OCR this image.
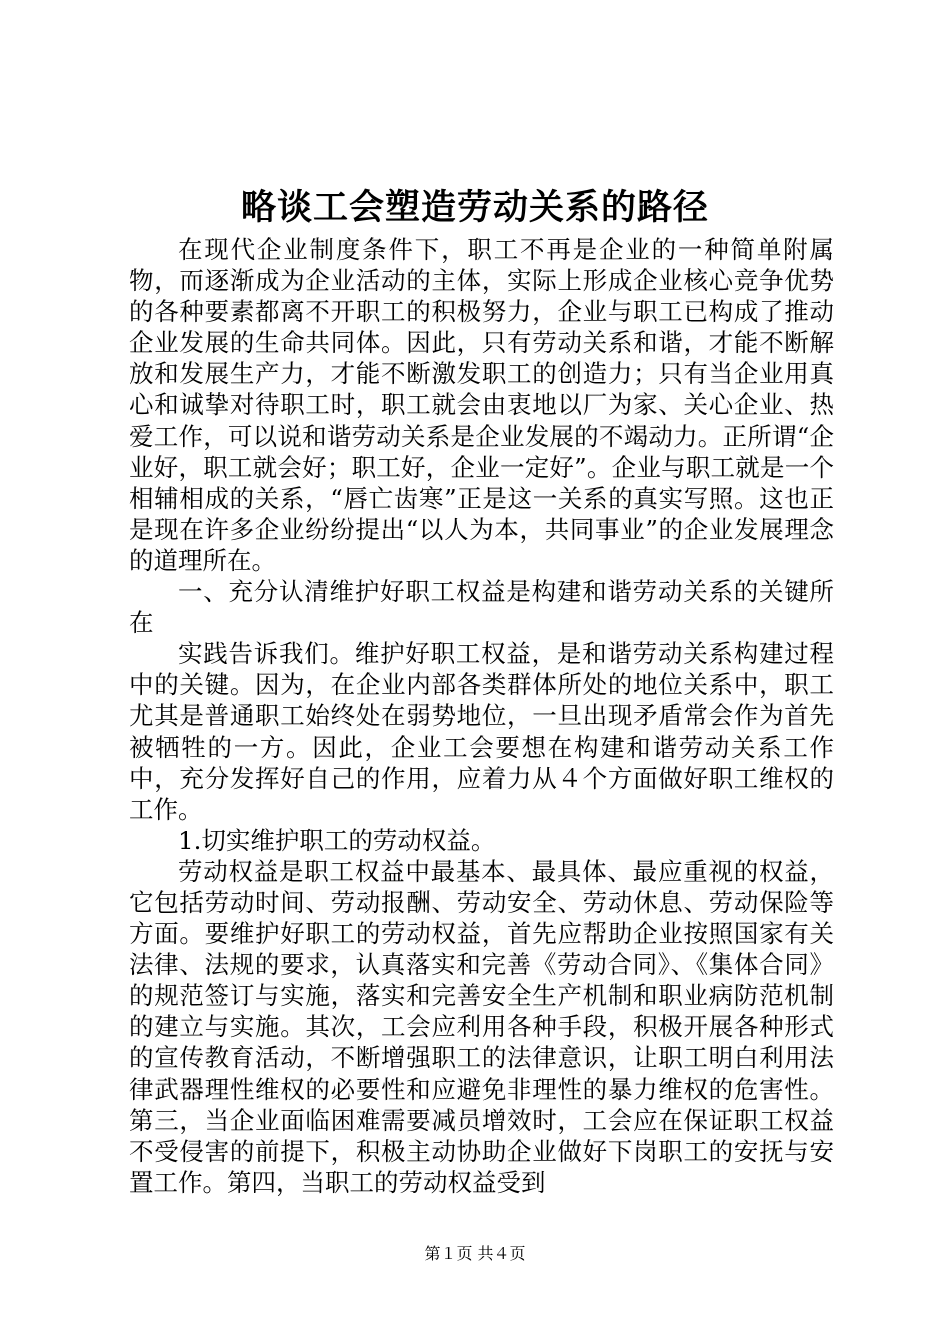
略谈工会塑造劳动关系的路径

在现代企业制度条件下，职工不再是企业的一种简单附属物，而逐渐成为企业活动的主体，实际上形成企业核心竞争优势的各种要素都离不开职工的积极努力，企业与职工已构成了推动企业发展的生命共同体。因此，只有劳动关系和谐，才能不断解放和发展生产力，才能不断激发职工的创造力；只有当企业用真心和诚挚对待职工时，职工就会由衷地以厂为家、关心企业、热爱工作，可以说和谐劳动关系是企业发展的不竭动力。正所谓“企业好，职工就会好；职工好，企业一定好”。企业与职工就是一个相辅相成的关系，“唇亡齿寒”正是这一关系的真实写照。这也正是现在许多企业纷纷提出“以人为本，共同事业”的企业发展理念的道理所在。

一、充分认清维护好职工权益是构建和谐劳动关系的关键所在

实践告诉我们。维护好职工权益，是和谐劳动关系构建过程中的关键。因为，在企业内部各类群体所处的地位关系中，职工尤其是普通职工始终处在弱势地位，一旦出现矛盾常会作为首先被牺牲的一方。因此，企业工会要想在构建和谐劳动关系工作中，充分发挥好自己的作用，应着力从４个方面做好职工维权的工作。

1.切实维护职工的劳动权益。

劳动权益是职工权益中最基本、最具体、最应重视的权益，它包括劳动时间、劳动报酬、劳动安全、劳动休息、劳动保险等方面。要维护好职工的劳动权益，首先应帮助企业按照国家有关法律、法规的要求，认真落实和完善《劳动合同》、《集体合同》的规范签订与实施，落实和完善安全生产机制和职业病防范机制的建立与实施。其次，工会应利用各种手段，积极开展各种形式的宣传教育活动，不断增强职工的法律意识，让职工明白利用法律武器理性维权的必要性和应避免非理性的暴力维权的危害性。第三，当企业面临困难需要减员增效时，工会应在保证职工权益不受侵害的前提下，积极主动协助企业做好下岗职工的安抚与安置工作。第四，当职工的劳动权益受到

第１页 共４页
